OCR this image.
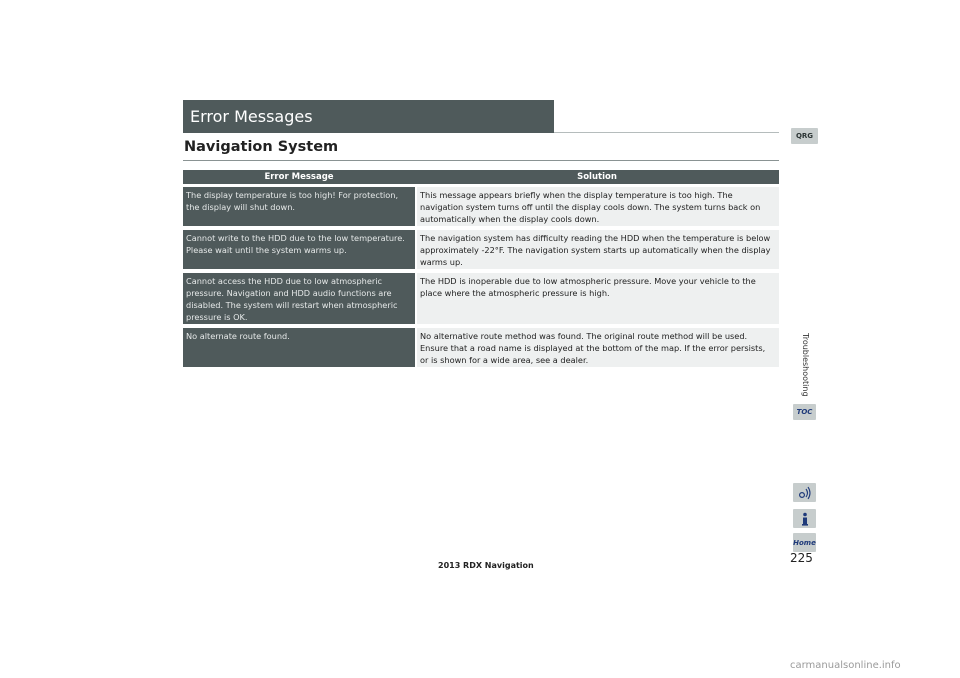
Error Messages
Navigation System
Error Message	Solution
The display temperature is too high! For protection, the display will shut down.
This message appears briefly when the display temperature is too high. The navigation system turns off until the display cools down. The system turns back on automatically when the display cools down.
Cannot write to the HDD due to the low temperature. Please wait until the system warms up.
The navigation system has difficulty reading the HDD when the temperature is below approximately -22°F. The navigation system starts up automatically when the display warms up.
Cannot access the HDD due to low atmospheric pressure. Navigation and HDD audio functions are disabled. The system will restart when atmospheric pressure is OK.
The HDD is inoperable due to low atmospheric pressure. Move your vehicle to the place where the atmospheric pressure is high.
No alternate route found.	No alternative route method was found. The original route method will be used. Ensure that a road name is displayed at the bottom of the map. If the error persists, or is shown for a wide area, see a dealer.
QRG
Troubleshooting
TOC
Home
225
2013 RDX Navigation
carmanualsonline.info
